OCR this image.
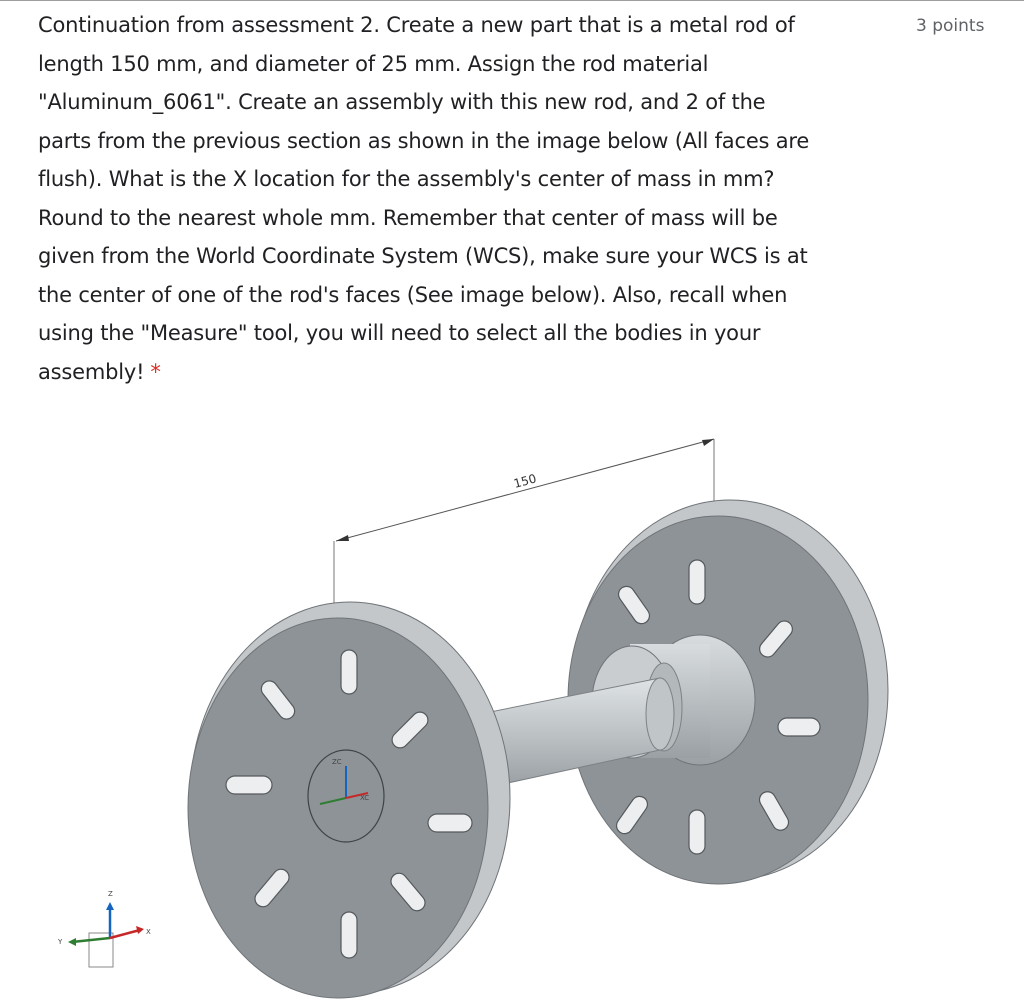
Continuation from assessment 2. Create a new part that is a metal rod of
length 150 mm, and diameter of 25 mm. Assign the rod material
"Aluminum_6061". Create an assembly with this new rod, and 2 of the
parts from the previous section as shown in the image below (All faces are
flush). What is the X location for the assembly's center of mass in mm?
Round to the nearest whole mm. Remember that center of mass will be
given from the World Coordinate System (WCS), make sure your WCS is at
the center of one of the rod's faces (See image below). Also, recall when
using the "Measure" tool, you will need to select all the bodies in your
assembly! *

3 points
150
ZC
XC
Z
Y
X
